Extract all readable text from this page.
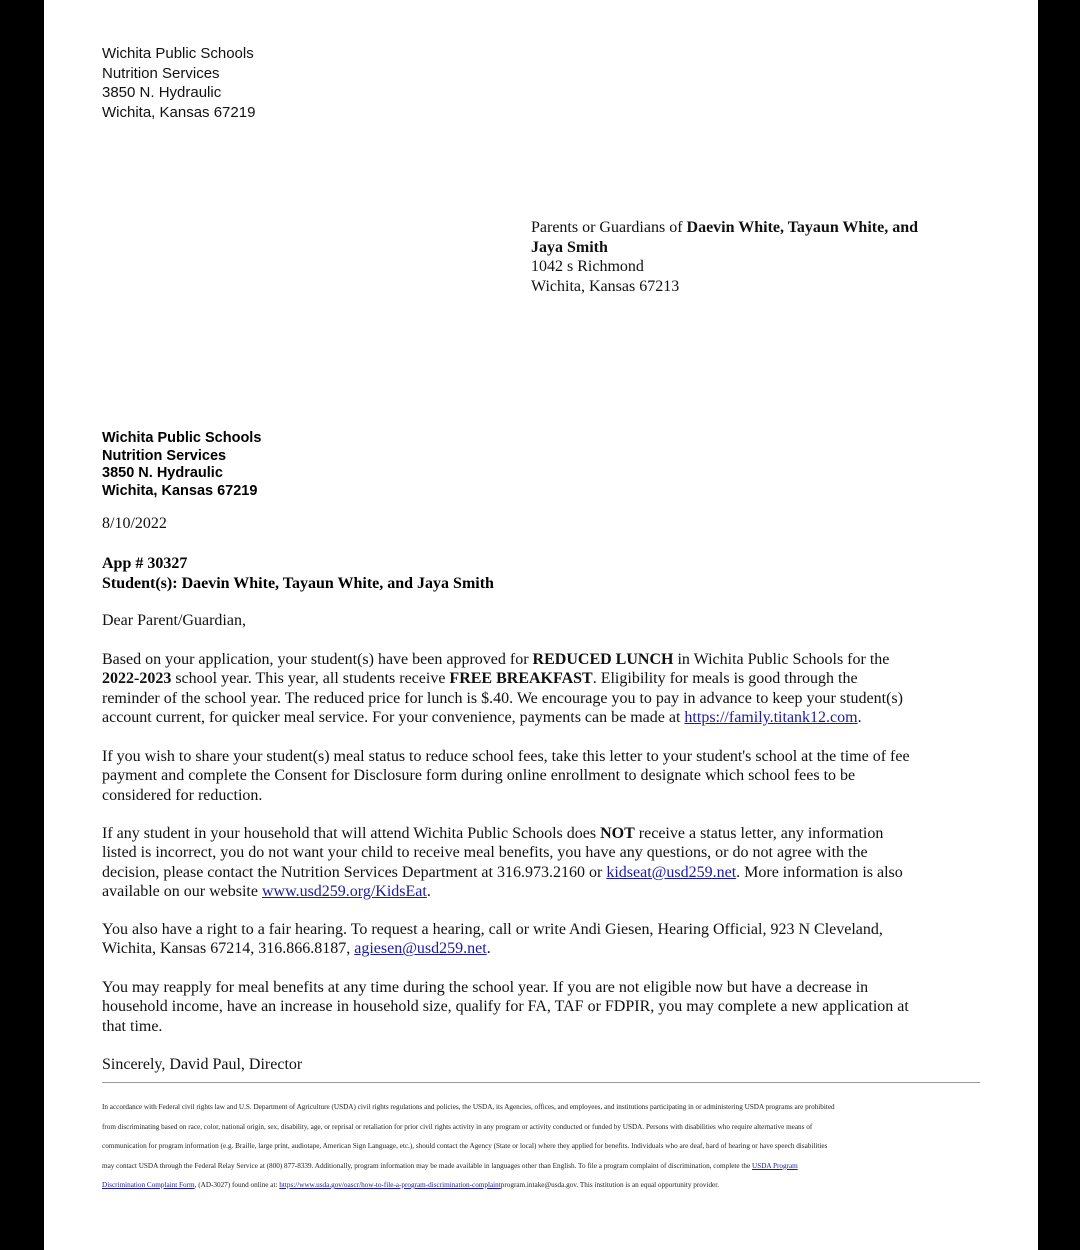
Wichita Public Schools
Nutrition Services
3850 N. Hydraulic
Wichita, Kansas 67219
Parents or Guardians of Daevin White, Tayaun White, and
Jaya Smith
1042 s Richmond
Wichita, Kansas 67213
Wichita Public Schools
Nutrition Services
3850 N. Hydraulic
Wichita, Kansas 67219
8/10/2022
App # 30327
Student(s): Daevin White, Tayaun White, and Jaya Smith
Dear Parent/Guardian,
Based on your application, your student(s) have been approved for REDUCED LUNCH in Wichita Public Schools for the
2022-2023 school year. This year, all students receive FREE BREAKFAST. Eligibility for meals is good through the
reminder of the school year. The reduced price for lunch is $.40. We encourage you to pay in advance to keep your student(s)
account current, for quicker meal service. For your convenience, payments can be made at https://family.titank12.com.
If you wish to share your student(s) meal status to reduce school fees, take this letter to your student's school at the time of fee
payment and complete the Consent for Disclosure form during online enrollment to designate which school fees to be
considered for reduction.
If any student in your household that will attend Wichita Public Schools does NOT receive a status letter, any information
listed is incorrect, you do not want your child to receive meal benefits, you have any questions, or do not agree with the
decision, please contact the Nutrition Services Department at 316.973.2160 or kidseat@usd259.net. More information is also
available on our website www.usd259.org/KidsEat.
You also have a right to a fair hearing. To request a hearing, call or write Andi Giesen, Hearing Official, 923 N Cleveland,
Wichita, Kansas 67214, 316.866.8187, agiesen@usd259.net.
You may reapply for meal benefits at any time during the school year. If you are not eligible now but have a decrease in
household income, have an increase in household size, qualify for FA, TAF or FDPIR, you may complete a new application at
that time.
Sincerely, David Paul, Director
In accordance with Federal civil rights law and U.S. Department of Agriculture (USDA) civil rights regulations and policies, the USDA, its Agencies, offices, and employees, and institutions participating in or administering USDA programs are prohibited
from discriminating based on race, color, national origin, sex, disability, age, or reprisal or retaliation for prior civil rights activity in any program or activity conducted or funded by USDA. Persons with disabilities who require alternative means of
communication for program information (e.g. Braille, large print, audiotape, American Sign Language, etc.), should contact the Agency (State or local) where they applied for benefits. Individuals who are deaf, hard of hearing or have speech disabilities
may contact USDA through the Federal Relay Service at (800) 877-8339. Additionally, program information may be made available in languages other than English. To file a program complaint of discrimination, complete the USDA Program
Discrimination Complaint Form, (AD-3027) found online at: https://www.usda.gov/oascr/how-to-file-a-program-discrimination-complaintprogram.intake@usda.gov. This institution is an equal opportunity provider.
